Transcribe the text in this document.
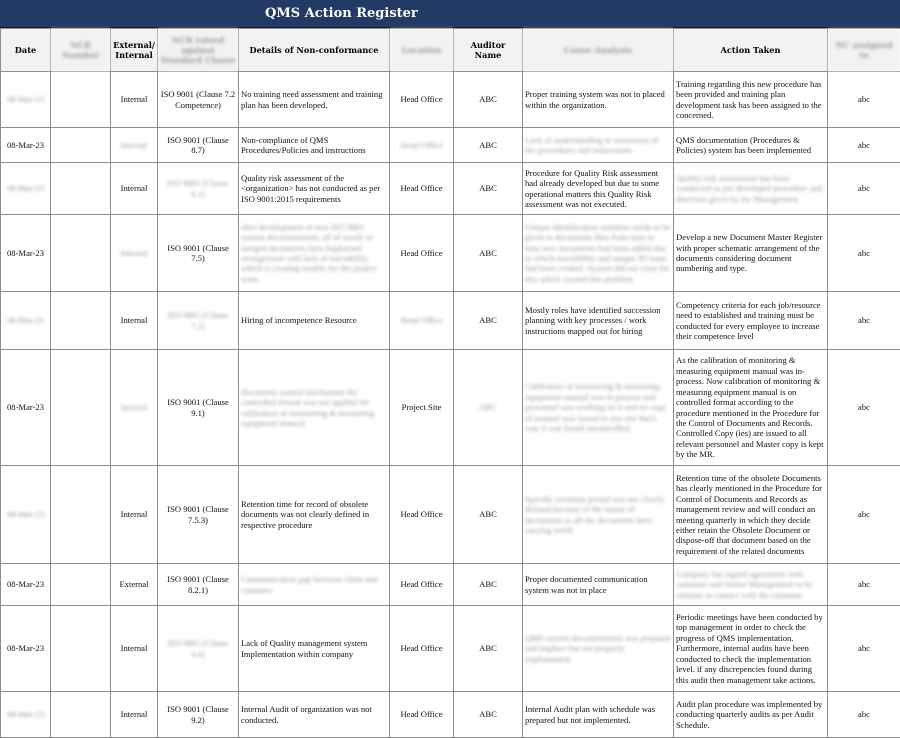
QMS Action Register
Date	NCR Number	External/ Internal	NCR raised against Standard Clause	Details of Non-conformance	Location	Auditor Name	Cause Analysis	Action Taken	NC assigned to
08-Mar-23		Internal	ISO 9001 (Clause 7.2 Competence)	No training need assessment and training plan has been developed.	Head Office	ABC	Proper training system was not in placed within the organization.	Training regarding this new procedure has been provided and training plan development task has been assigned to the concerned.	abc
08-Mar-23		Internal	ISO 9001 (Clause 8.7)	Non-compliance of QMS Procedures/Policies and instructions	Head Office	ABC	Lack of understanding or awareness of the procedures and instructions	QMS documentation (Procedures & Policies) system has been implemented	abc
08-Mar-23		Internal	ISO 9001 (Clause 6.1)	Quality risk assessment of the <organization> has not conducted as per ISO 9001:2015 requirements	Head Office	ABC	Procedure for Quality Risk assessment had already developed but due to some operational matters this Quality Risk assessment was not executed.	Quality risk assessment has been conducted as per developed procedure and direction given by the Management	abc
08-Mar-23		Internal	ISO 9001 (Clause 7.5)	after development of new ISO 9001 system documentation, all of newly or merged documents have haphazard arrangement with lack of traceability which is creating trouble for the project team.	Head Office	ABC	Unique identification numbers needs to be given to documents then from time to time new documents had been added due to which traceability and unique ID issue had been created. System did not exist for this which created this problem.	Develop a new Document Master Register with proper schematic arrangement of the documents considering document numbering and type.	abc
08-Mar-23		Internal	ISO 9001 (Clause 7.2)	Hiring of incompetence Resource	Head Office	ABC	Mostly roles have identified succession planning with key processes / work instructions mapped out for hiring	Competency criteria for each job/resource need to established and training must be conducted for every employee to increase their competence level	abc
08-Mar-23		Internal	ISO 9001 (Clause 9.1)	Document control mechanism the controlled format was not applied for calibration of monitoring & measuring equipment manual	Project Site	ABC	Calibration of monitoring & measuring equipment manual was in process and personnel was working on it and no copy of manual was issued to any one that's way it was found uncontrolled.	As the calibration of monitoring & measuring equipment manual was in-process. Now calibration of monitoring & measuring equipment manual is on controlled format according to the procedure mentioned in the Procedure for the Control of Documents and Records. Controlled Copy (ies) are issued to all relevant personnel and Master copy is kept by the MR.	abc
08-Mar-23		Internal	ISO 9001 (Clause 7.5.3)	Retention time for record of obsolete documents was not clearly defined in respective procedure	Head Office	ABC	Specific retention period was not clearly defined because of the nature of documents as all the documents have varying worth	Retention time of the obsolete Documents has clearly mentioned in the Procedure for Control of Documents and Records as management review and will conduct an meeting quarterly in which they decide either retain the Obsolete Document or dispose-off that document based on the requirement of the related documents	abc
08-Mar-23		External	ISO 9001 (Clause 8.2.1)	Communication gap between client and customer	Head Office	ABC	Proper documented communication system was not in place	Company has signed agreement with customer and Senior Management to be remains in contact with the customer	abc
08-Mar-23		Internal	ISO 9001 (Clause 4.4)	Lack of Quality management system Implementation within company	Head Office	ABC	QMS system documentation was prepared and implace but not properly implemented.	Periodic meetings have been conducted by top management in order to check the progress of QMS implementation. Furthermore, internal audits have been conducted to check the implementation level. if any discrepencies found during this audit then management take actions.	abc
08-Mar-23		Internal	ISO 9001 (Clause 9.2)	Internal Audit of organization was not conducted.	Head Office	ABC	Internal Audit plan with schedule was prepared but not implemented.	Audit plan procedure was implemented by conducting quarterly audits as per Audit Schedule.	abc
